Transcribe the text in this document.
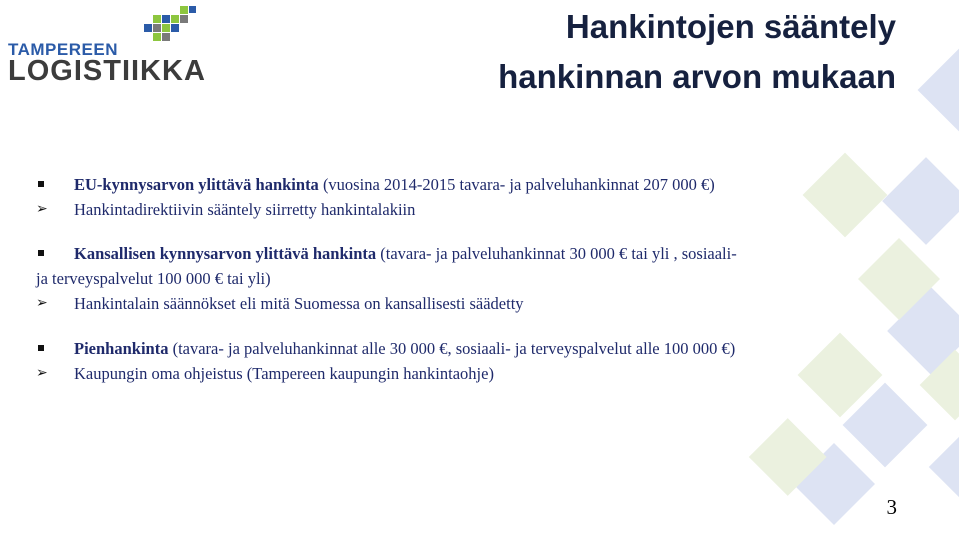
TAMPEREEN
LOGISTIIKKA
Hankintojen sääntely
hankinnan arvon mukaan
EU-kynnysarvon ylittävä hankinta (vuosina 2014-2015 tavara- ja palveluhankinnat 207 000 €)
➢ Hankintadirektiivin sääntely siirretty hankintalakiin
Kansallisen kynnysarvon ylittävä hankinta (tavara- ja palveluhankinnat 30 000 € tai yli , sosiaali-
ja terveyspalvelut 100 000 € tai yli)
➢ Hankintalain säännökset eli mitä Suomessa on kansallisesti säädetty
Pienhankinta (tavara- ja palveluhankinnat alle 30 000 €, sosiaali- ja terveyspalvelut alle 100 000 €)
➢ Kaupungin oma ohjeistus (Tampereen kaupungin hankintaohje)
3
